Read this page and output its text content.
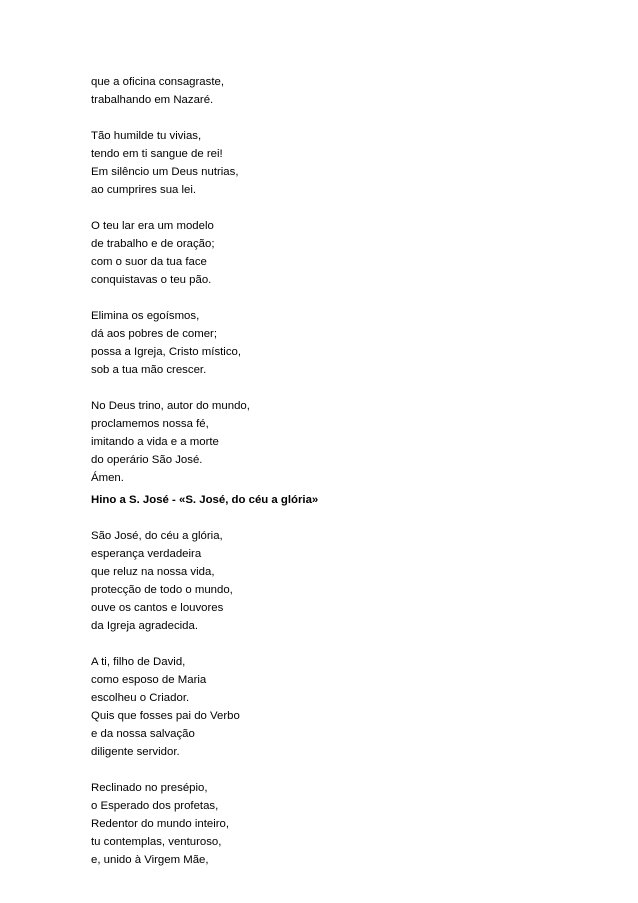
que a oficina consagraste,
trabalhando em Nazaré.
Tão humilde tu vivias,
tendo em ti sangue de rei!
Em silêncio um Deus nutrias,
ao cumprires sua lei.
O teu lar era um modelo
de trabalho e de oração;
com o suor da tua face
conquistavas o teu pão.
Elimina os egoísmos,
dá aos pobres de comer;
possa a Igreja, Cristo místico,
sob a tua mão crescer.
No Deus trino, autor do mundo,
proclamemos nossa fé,
imitando a vida e a morte
do operário São José.
Ámen.
Hino a S. José - «S. José, do céu a glória»
São José, do céu a glória,
esperança verdadeira
que reluz na nossa vida,
protecção de todo o mundo,
ouve os cantos e louvores
da Igreja agradecida.
A ti, filho de David,
como esposo de Maria
escolheu o Criador.
Quis que fosses pai do Verbo
e da nossa salvação
diligente servidor.
Reclinado no presépio,
o Esperado dos profetas,
Redentor do mundo inteiro,
tu contemplas, venturoso,
e, unido à Virgem Mãe,
